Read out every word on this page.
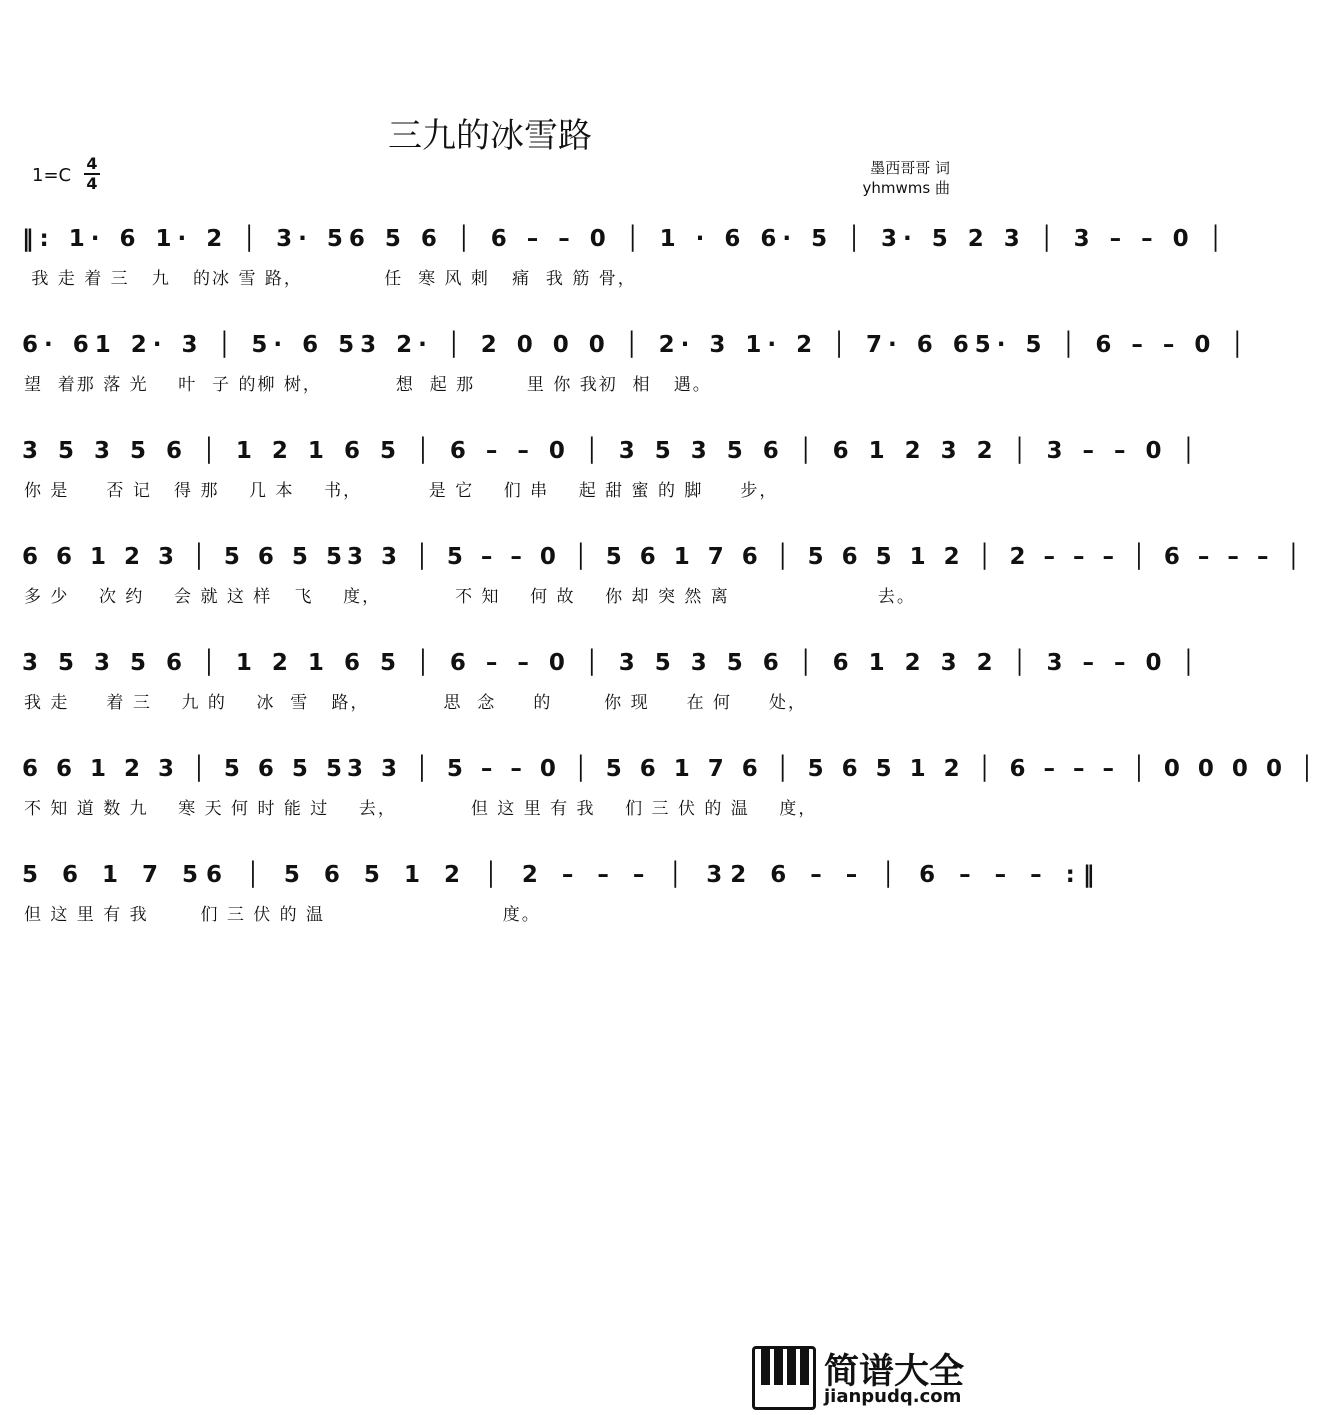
三九的冰雪路
1=C
4
4
墨西哥哥 词
yhmwms 曲
‖: 1· 6 1· 2 │ 3· 56 5 6 │ 6 – – 0 │ 1 · 6 6· 5 │ 3· 5 2 3 │ 3 – – 0 │
我 走 着 三   九   的冰 雪 路，           任  寒 风 刺   痛  我 筋 骨，
6· 61 2· 3 │ 5· 6 53 2· │ 2 0 0 0 │ 2· 3 1· 2 │ 7· 6 65· 5 │ 6 – – 0 │
望  着那 落 光    叶  子 的柳 树，          想  起 那       里 你 我初  相   遇。
3 5 3 5 6 │ 1 2 1 6 5 │ 6 – – 0 │ 3 5 3 5 6 │ 6 1 2 3 2 │ 3 – – 0 │
你 是     否 记   得 那    几 本    书，         是 它    们 串    起 甜 蜜 的 脚     步，
6 6 1 2 3 │ 5 6 5 53 3 │ 5 – – 0 │ 5 6 1 7 6 │ 5 6 5 1 2 │ 2 – – – │ 6 – – – │
多 少    次 约    会 就 这 样   飞    度，          不 知    何 故    你 却 突 然 离                    去。
3 5 3 5 6 │ 1 2 1 6 5 │ 6 – – 0 │ 3 5 3 5 6 │ 6 1 2 3 2 │ 3 – – 0 │
我 走     着 三    九 的    冰  雪   路，          思  念     的       你 现     在 何     处，
6 6 1 2 3 │ 5 6 5 53 3 │ 5 – – 0 │ 5 6 1 7 6 │ 5 6 5 1 2 │ 6 – – – │ 0 0 0 0 │
不 知 道 数 九    寒 天 何 时 能 过    去，          但 这 里 有 我    们 三 伏 的 温    度，
5 6 1 7 56 │ 5 6 5 1 2 │ 2 – – – │ 32 6 – – │ 6 – – – :‖
但 这 里 有 我       们 三 伏 的 温                        度。
简谱大全
jianpudq.com
